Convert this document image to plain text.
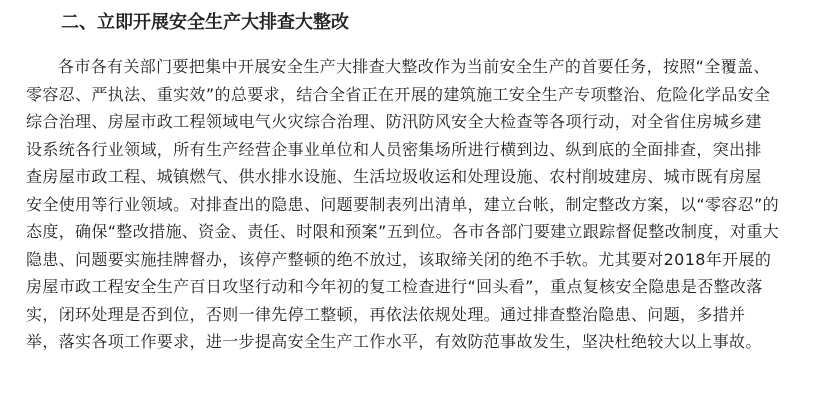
二、立即开展安全生产大排查大整改
各市各有关部门要把集中开展安全生产大排查大整改作为当前安全生产的首要任务，按照“全覆盖、
零容忍、严执法、重实效”的总要求，结合全省正在开展的建筑施工安全生产专项整治、危险化学品安全
综合治理、房屋市政工程领域电气火灾综合治理、防汛防风安全大检查等各项行动，对全省住房城乡建
设系统各行业领域，所有生产经营企事业单位和人员密集场所进行横到边、纵到底的全面排查，突出排
查房屋市政工程、城镇燃气、供水排水设施、生活垃圾收运和处理设施、农村削坡建房、城市既有房屋
安全使用等行业领域。对排查出的隐患、问题要制表列出清单，建立台帐，制定整改方案，以“零容忍”的
态度，确保“整改措施、资金、责任、时限和预案”五到位。各市各部门要建立跟踪督促整改制度，对重大
隐患、问题要实施挂牌督办，该停产整顿的绝不放过，该取缔关闭的绝不手软。尤其要对2018年开展的
房屋市政工程安全生产百日攻坚行动和今年初的复工检查进行“回头看”，重点复核安全隐患是否整改落
实，闭环处理是否到位，否则一律先停工整顿，再依法依规处理。通过排查整治隐患、问题，多措并
举，落实各项工作要求，进一步提高安全生产工作水平，有效防范事故发生，坚决杜绝较大以上事故。
